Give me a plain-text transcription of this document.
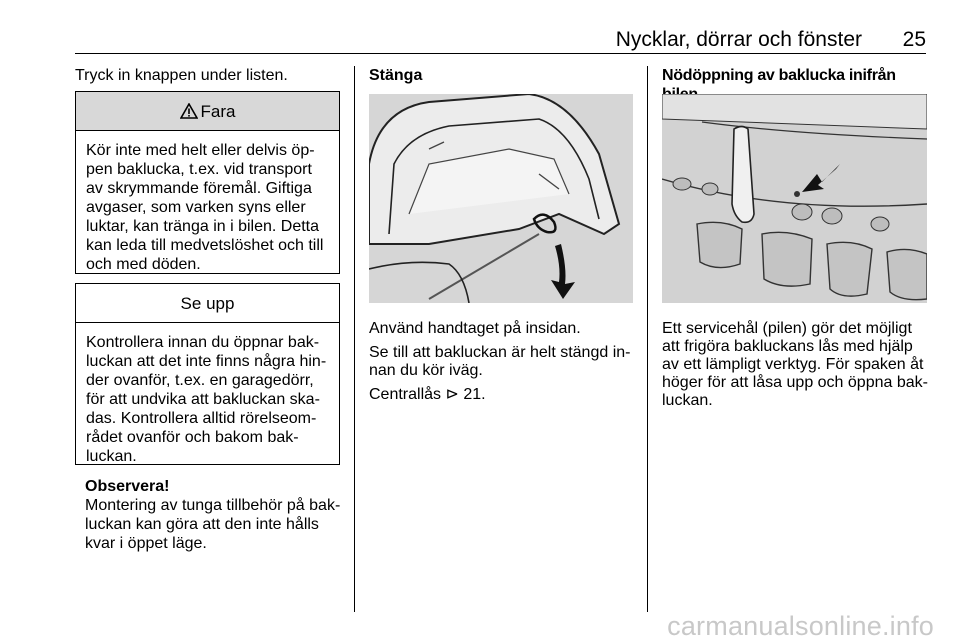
Nycklar, dörrar och fönster 25
Tryck in knappen under listen.
Fara
Kör inte med helt eller delvis öp-
pen baklucka, t.ex. vid transport
av skrymmande föremål. Giftiga
avgaser, som varken syns eller
luktar, kan tränga in i bilen. Detta
kan leda till medvetslöshet och till
och med döden.
Se upp
Kontrollera innan du öppnar bak-
luckan att det inte finns några hin-
der ovanför, t.ex. en garagedörr,
för att undvika att bakluckan ska-
das. Kontrollera alltid rörelseom-
rådet ovanför och bakom bak-
luckan.
Observera!
Montering av tunga tillbehör på bak-
luckan kan göra att den inte hålls
kvar i öppet läge.
Stänga
Använd handtaget på insidan.
Se till att bakluckan är helt stängd in-
nan du kör iväg.
Centrallås ⊳ 21.
Nödöppning av baklucka inifrån
Ett servicehål (pilen) gör det möjligt
att frigöra bakluckans lås med hjälp
av ett lämpligt verktyg. För spaken åt
höger för att låsa upp och öppna bak-
luckan.
carmanualsonline.info
